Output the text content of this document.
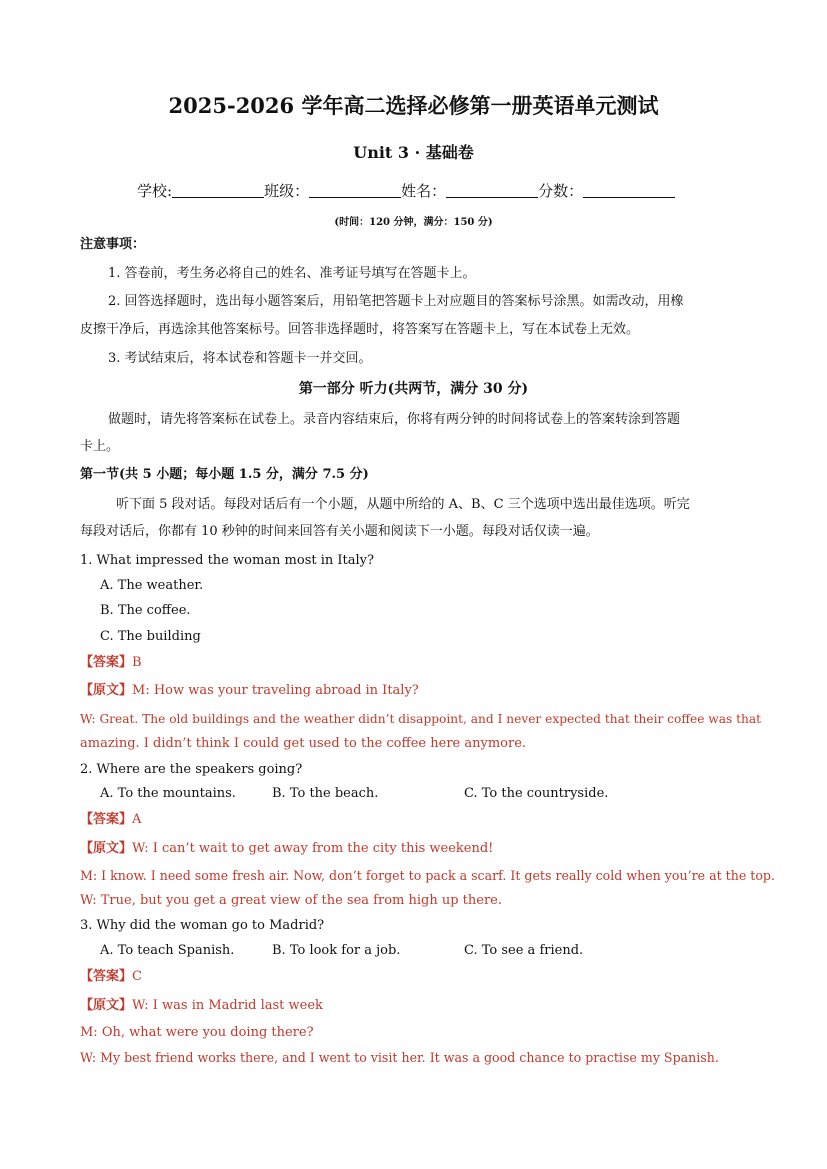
2025-2026 学年高二选择必修第一册英语单元测试
Unit 3 · 基础卷
学校:	班级：	姓名：	分数：
(时间：120 分钟，满分：150 分)
注意事项：
1. 答卷前，考生务必将自己的姓名、准考证号填写在答题卡上。
2. 回答选择题时，选出每小题答案后，用铅笔把答题卡上对应题目的答案标号涂黑。如需改动，用橡
皮擦干净后，再选涂其他答案标号。回答非选择题时，将答案写在答题卡上，写在本试卷上无效。
3. 考试结束后，将本试卷和答题卡一并交回。
第一部分 听力(共两节，满分 30 分)
做题时，请先将答案标在试卷上。录音内容结束后，你将有两分钟的时间将试卷上的答案转涂到答题
卡上。
第一节(共 5 小题；每小题 1.5 分，满分 7.5 分)
听下面 5 段对话。每段对话后有一个小题，从题中所给的 A、B、C 三个选项中选出最佳选项。听完
每段对话后，你都有 10 秒钟的时间来回答有关小题和阅读下一小题。每段对话仅读一遍。
1. What impressed the woman most in Italy?
A. The weather.
B. The coffee.
C. The building
【答案】B
【原文】M: How was your traveling abroad in Italy?
W: Great. The old buildings and the weather didn’t disappoint, and I never expected that their coffee was that
amazing. I didn’t think I could get used to the coffee here anymore.
2. Where are the speakers going?
A. To the mountains.	B. To the beach.	C. To the countryside.
【答案】A
【原文】W: I can’t wait to get away from the city this weekend!
M: I know. I need some fresh air. Now, don’t forget to pack a scarf. It gets really cold when you’re at the top.
W: True, but you get a great view of the sea from high up there.
3. Why did the woman go to Madrid?
A. To teach Spanish.	B. To look for a job.	C. To see a friend.
【答案】C
【原文】W: I was in Madrid last week
M: Oh, what were you doing there?
W: My best friend works there, and I went to visit her. It was a good chance to practise my Spanish.
